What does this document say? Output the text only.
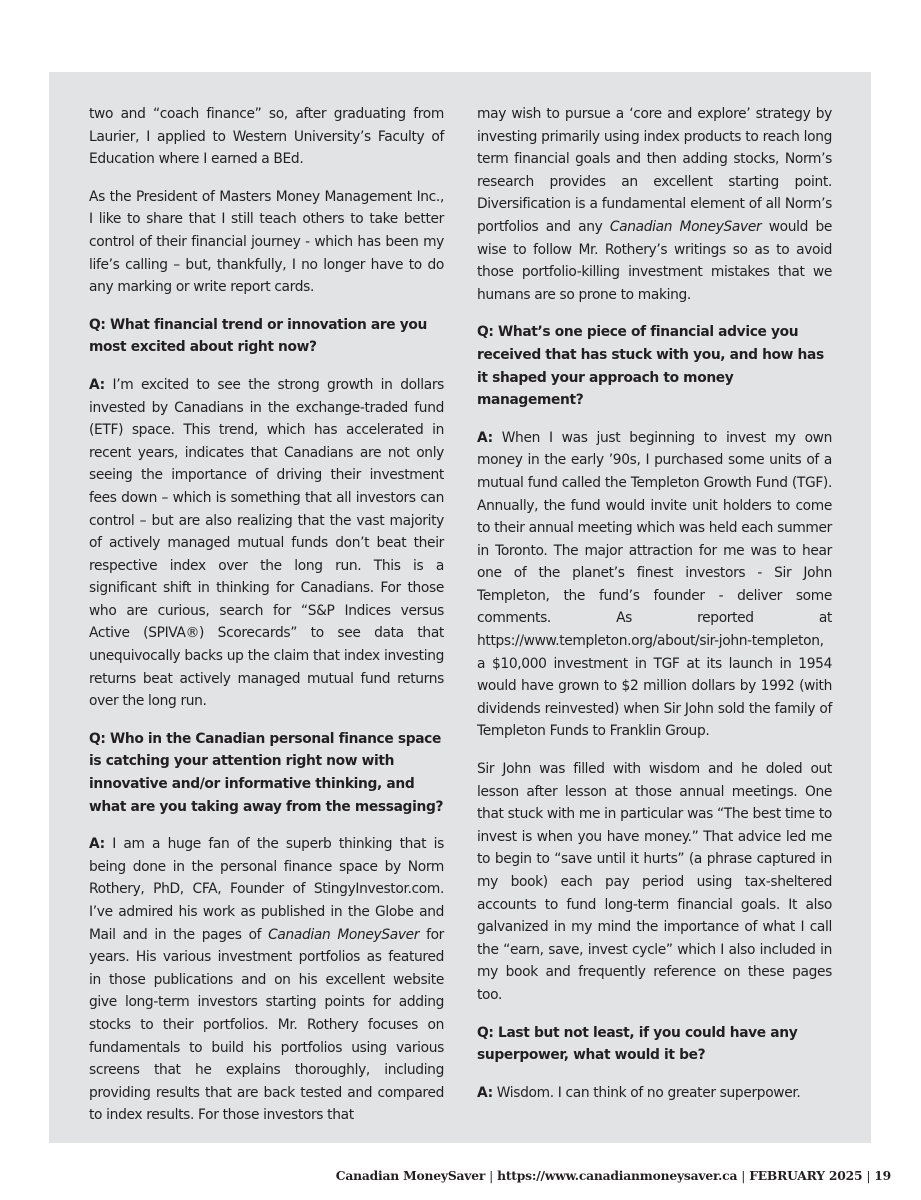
two and “coach finance” so, after graduating from Laurier, I applied to Western University’s Faculty of Education where I earned a BEd.

As the President of Masters Money Management Inc., I like to share that I still teach others to take better control of their financial journey - which has been my life’s calling – but, thankfully, I no longer have to do any marking or write report cards.

Q: What financial trend or innovation are you most excited about right now?

A: I’m excited to see the strong growth in dollars invested by Canadians in the exchange-traded fund (ETF) space. This trend, which has accelerated in recent years, indicates that Canadians are not only seeing the importance of driving their investment fees down – which is something that all investors can control – but are also realizing that the vast majority of actively managed mutual funds don’t beat their respective index over the long run. This is a significant shift in thinking for Canadians. For those who are curious, search for “S&P Indices versus Active (SPIVA®) Scorecards” to see data that unequivocally backs up the claim that index investing returns beat actively managed mutual fund returns over the long run.

Q: Who in the Canadian personal finance space is catching your attention right now with innovative and/or informative thinking, and what are you taking away from the messaging?

A: I am a huge fan of the superb thinking that is being done in the personal finance space by Norm Rothery, PhD, CFA, Founder of StingyInvestor.com. I’ve admired his work as published in the Globe and Mail and in the pages of Canadian MoneySaver for years. His various investment portfolios as featured in those publications and on his excellent website give long-term investors starting points for adding stocks to their portfolios. Mr. Rothery focuses on fundamentals to build his portfolios using various screens that he explains thoroughly, including providing results that are back tested and compared to index results. For those investors that

may wish to pursue a ‘core and explore’ strategy by investing primarily using index products to reach long term financial goals and then adding stocks, Norm’s research provides an excellent starting point. Diversification is a fundamental element of all Norm’s portfolios and any Canadian MoneySaver would be wise to follow Mr. Rothery’s writings so as to avoid those portfolio-killing investment mistakes that we humans are so prone to making.

Q: What’s one piece of financial advice you received that has stuck with you, and how has it shaped your approach to money management?

A: When I was just beginning to invest my own money in the early ’90s, I purchased some units of a mutual fund called the Templeton Growth Fund (TGF). Annually, the fund would invite unit holders to come to their annual meeting which was held each summer in Toronto. The major attraction for me was to hear one of the planet’s finest investors - Sir John Templeton, the fund’s founder - deliver some comments. As reported at https://www.templeton.org/about/sir-john-templeton, a $10,000 investment in TGF at its launch in 1954 would have grown to $2 million dollars by 1992 (with dividends reinvested) when Sir John sold the family of Templeton Funds to Franklin Group.

Sir John was filled with wisdom and he doled out lesson after lesson at those annual meetings. One that stuck with me in particular was “The best time to invest is when you have money.” That advice led me to begin to “save until it hurts” (a phrase captured in my book) each pay period using tax-sheltered accounts to fund long-term financial goals. It also galvanized in my mind the importance of what I call the “earn, save, invest cycle” which I also included in my book and frequently reference on these pages too.

Q: Last but not least, if you could have any superpower, what would it be?

A: Wisdom. I can think of no greater superpower.

Canadian MoneySaver | https://www.canadianmoneysaver.ca | FEBRUARY 2025 | 19
